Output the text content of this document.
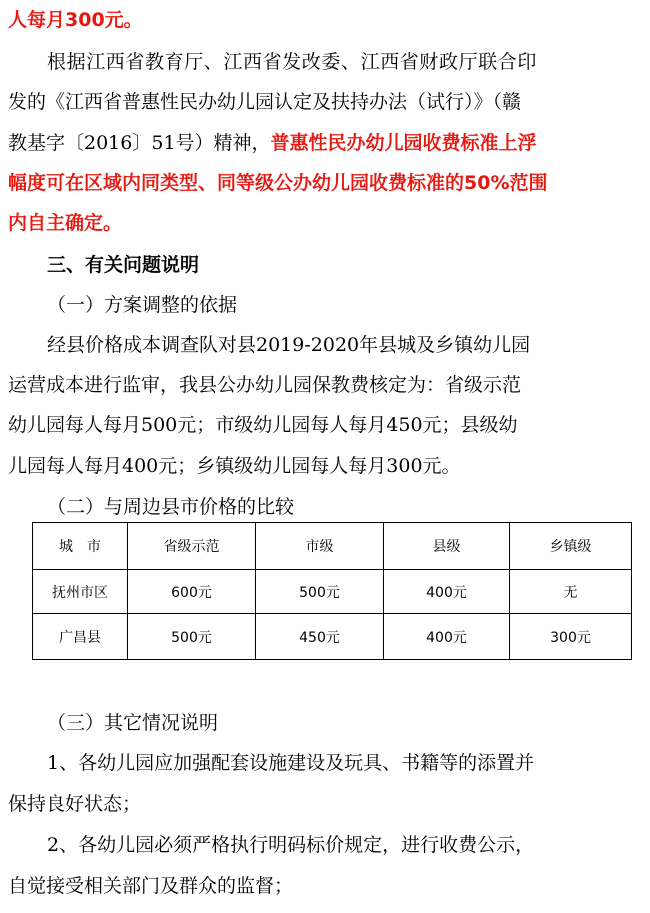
人每月300元。
根据江西省教育厅、江西省发改委、江西省财政厅联合印
发的《江西省普惠性民办幼儿园认定及扶持办法（试行）》（赣
教基字〔2016〕51号）精神，普惠性民办幼儿园收费标准上浮
幅度可在区域内同类型、同等级公办幼儿园收费标准的50%范围
内自主确定。
三、有关问题说明
（一）方案调整的依据
经县价格成本调查队对县2019-2020年县城及乡镇幼儿园
运营成本进行监审，我县公办幼儿园保教费核定为：省级示范
幼儿园每人每月500元；市级幼儿园每人每月450元；县级幼
儿园每人每月400元；乡镇级幼儿园每人每月300元。
（二）与周边县市价格的比较
城　市	省级示范	市级	县级	乡镇级
抚州市区	600元	500元	400元	无
广昌县	500元	450元	400元	300元
（三）其它情况说明
1、各幼儿园应加强配套设施建设及玩具、书籍等的添置并
保持良好状态；
2、各幼儿园必须严格执行明码标价规定，进行收费公示，
自觉接受相关部门及群众的监督；
